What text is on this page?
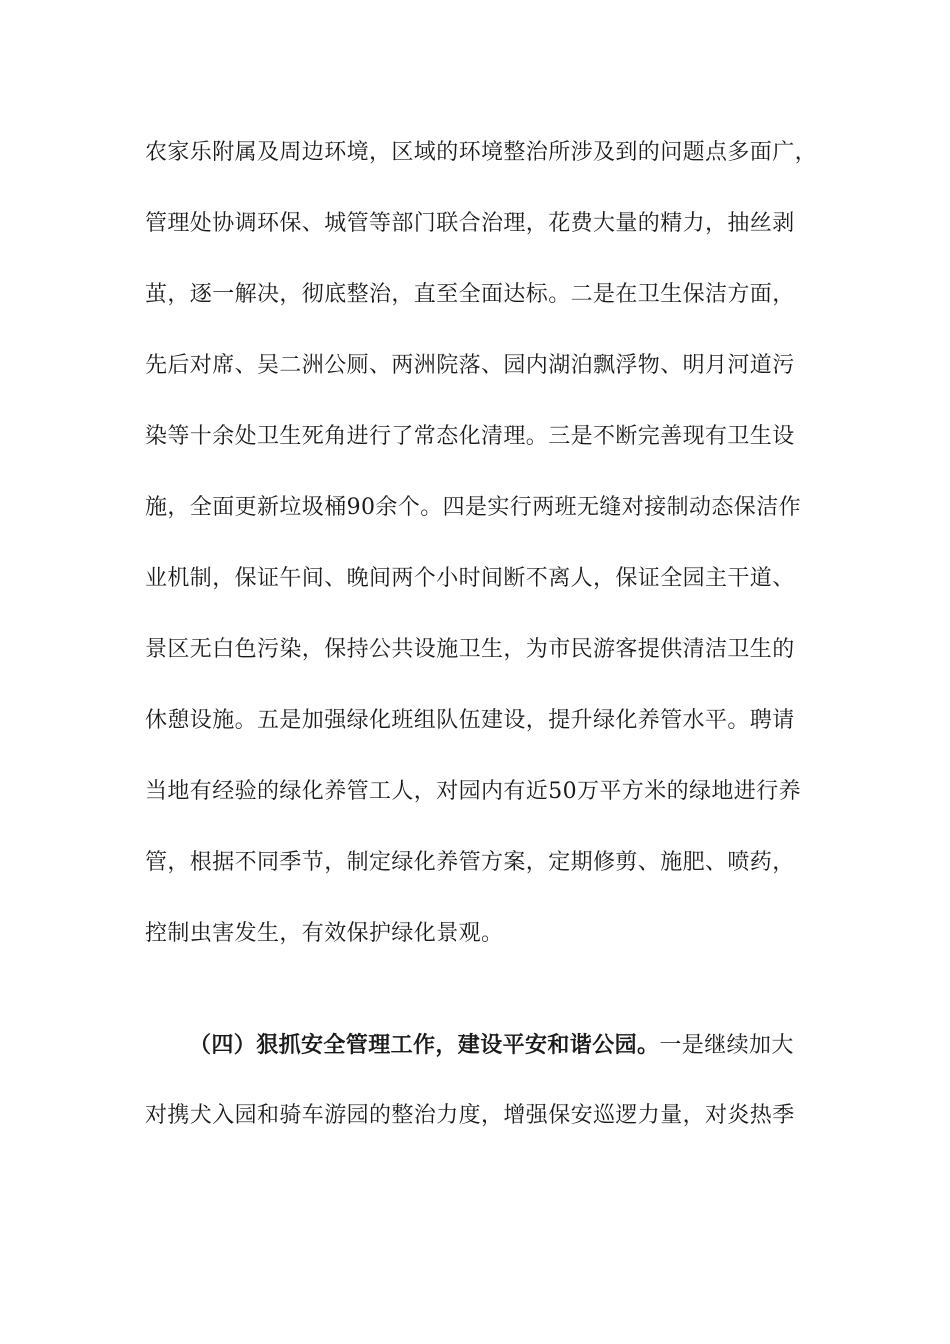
农家乐附属及周边环境，区域的环境整治所涉及到的问题点多面广，
管理处协调环保、城管等部门联合治理，花费大量的精力，抽丝剥
茧，逐一解决，彻底整治，直至全面达标。二是在卫生保洁方面，
先后对席、吴二洲公厕、两洲院落、园内湖泊飘浮物、明月河道污
染等十余处卫生死角进行了常态化清理。三是不断完善现有卫生设
施，全面更新垃圾桶90余个。四是实行两班无缝对接制动态保洁作
业机制，保证午间、晚间两个小时间断不离人，保证全园主干道、
景区无白色污染，保持公共设施卫生，为市民游客提供清洁卫生的
休憩设施。五是加强绿化班组队伍建设，提升绿化养管水平。聘请
当地有经验的绿化养管工人，对园内有近50万平方米的绿地进行养
管，根据不同季节，制定绿化养管方案，定期修剪、施肥、喷药，
控制虫害发生，有效保护绿化景观。
（四）狠抓安全管理工作，建设平安和谐公园。一是继续加大
对携犬入园和骑车游园的整治力度，增强保安巡逻力量，对炎热季
